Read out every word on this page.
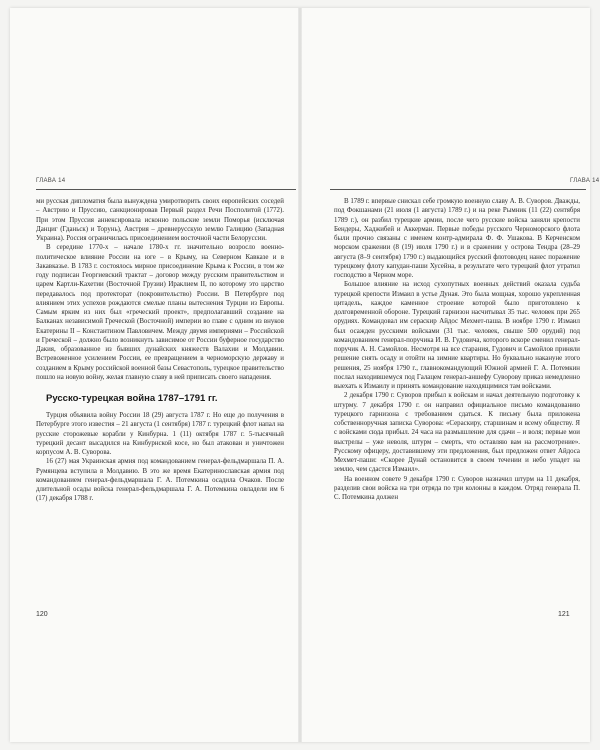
ГЛАВА 14

ми русская дипломатия была вынуждена умиротворить своих европейских соседей – Австрию и Пруссию, санкционировав Первый раздел Речи Посполитой (1772). При этом Пруссия аннексировала исконно польские земли Поморья (исключая Данциг (Гданьск) и Торунь), Австрия – древнерусскую землю Галицию (Западная Украина). Россия ограничилась присоединением восточной части Белоруссии.

В середине 1770-х – начале 1780-х гг. значительно возросло военно-политическое влияние России на юге – в Крыму, на Северном Кавказе и в Закавказье. В 1783 г. состоялось мирное присоединение Крыма к России, в том же году подписан Георгиевский трактат – договор между русским правительством и царем Картли-Кахетии (Восточной Грузии) Ираклием II, по которому это царство передавалось под протекторат (покровительство) России. В Петербурге под влиянием этих успехов рождаются смелые планы вытеснения Турции из Европы. Самым ярким из них был «греческий проект», предполагавший создание на Балканах независимой Греческой (Восточной) империи во главе с одним из внуков Екатерины II – Константином Павловичем. Между двумя империями – Российской и Греческой – должно было возникнуть зависимое от России буферное государство Дакия, образованное из бывших дунайских княжеств Валахии и Молдавии. Встревоженное усилением России, ее превращением в черноморскую державу и созданием в Крыму российской военной базы Севастополь, турецкое правительство пошло на новую войну, желая главную славу в ней приписать своего нападения.

Русско-турецкая война 1787–1791 гг.

Турция объявила войну России 18 (29) августа 1787 г. Но еще до получения в Петербурге этого известия – 21 августа (1 сентября) 1787 г. турецкий флот напал на русские сторожевые корабли у Кинбурна. 1 (11) октября 1787 г. 5-тысячный турецкий десант высадился на Кинбурнской косе, но был атакован и уничтожен корпусом А. В. Суворова.

16 (27) мая Украинская армия под командованием генерал-фельдмаршала П. А. Румянцева вступила в Молдавию. В это же время Екатеринославская армия под командованием генерал-фельдмаршала Г. А. Потемкина осадила Очаков. После длительной осады войска генерал-фельдмаршала Г. А. Потемкина овладели им 6 (17) декабря 1788 г.

120
ГЛАВА 14

В 1789 г. впервые снискал себе громкую военную славу А. В. Суворов. Дважды, под Фокшанами (21 июля (1 августа) 1789 г.) и на реке Рымник (11 (22) сентября 1789 г.), он разбил турецкие армии, после чего русские войска заняли крепости Бендеры, Хаджибей и Аккерман. Первые победы русского Черноморского флота были прочно связаны с именем контр-адмирала Ф. Ф. Ушакова. В Керченском морском сражении (8 (19) июля 1790 г.) и в сражении у острова Тендра (28–29 августа (8–9 сентября) 1790 г.) выдающийся русский флотоводец нанес поражение турецкому флоту капудан-паши Хусейна, в результате чего турецкий флот утратил господство в Черном море.

Большое влияние на исход сухопутных военных действий оказала судьба турецкой крепости Измаил в устье Дуная. Это была мощная, хорошо укрепленная цитадель, каждое каменное строение которой было приготовлено к долговременной обороне. Турецкий гарнизон насчитывал 35 тыс. человек при 265 орудиях. Командовал им сераскир Айдос Мехмет-паша. В ноябре 1790 г. Измаил был осажден русскими войсками (31 тыс. человек, свыше 500 орудий) под командованием генерал-поручика И. В. Гудовича, которого вскоре сменил генерал-поручик А. Н. Самойлов. Несмотря на все старания, Гудович и Самойлов приняли решение снять осаду и отойти на зимние квартиры. Но буквально накануне этого решения, 25 ноября 1790 г., главнокомандующий Южной армией Г. А. Потемкин послал находившемуся под Галацем генерал-аншефу Суворову приказ немедленно выехать к Измаилу и принять командование находящимися там войсками.

2 декабря 1790 г. Суворов прибыл к войскам и начал деятельную подготовку к штурму. 7 декабря 1790 г. он направил официальное письмо командованию турецкого гарнизона с требованием сдаться. К письму была приложена собственноручная записка Суворова: «Сераскиру, старшинам и всему обществу. Я с войсками сюда прибыл. 24 часа на размышление для сдачи – и воля; первые мои выстрелы – уже неволя, штурм – смерть, что оставляю вам на рассмотрение». Русскому офицеру, доставившему эти предложения, был предложен ответ Айдоса Мехмет-паши: «Скорее Дунай остановится в своем течении и небо упадет на землю, чем сдастся Измаил».

На военном совете 9 декабря 1790 г. Суворов назначил штурм на 11 декабря, разделив свои войска на три отряда по три колонны в каждом. Отряд генерала П. С. Потемкина должен

121
